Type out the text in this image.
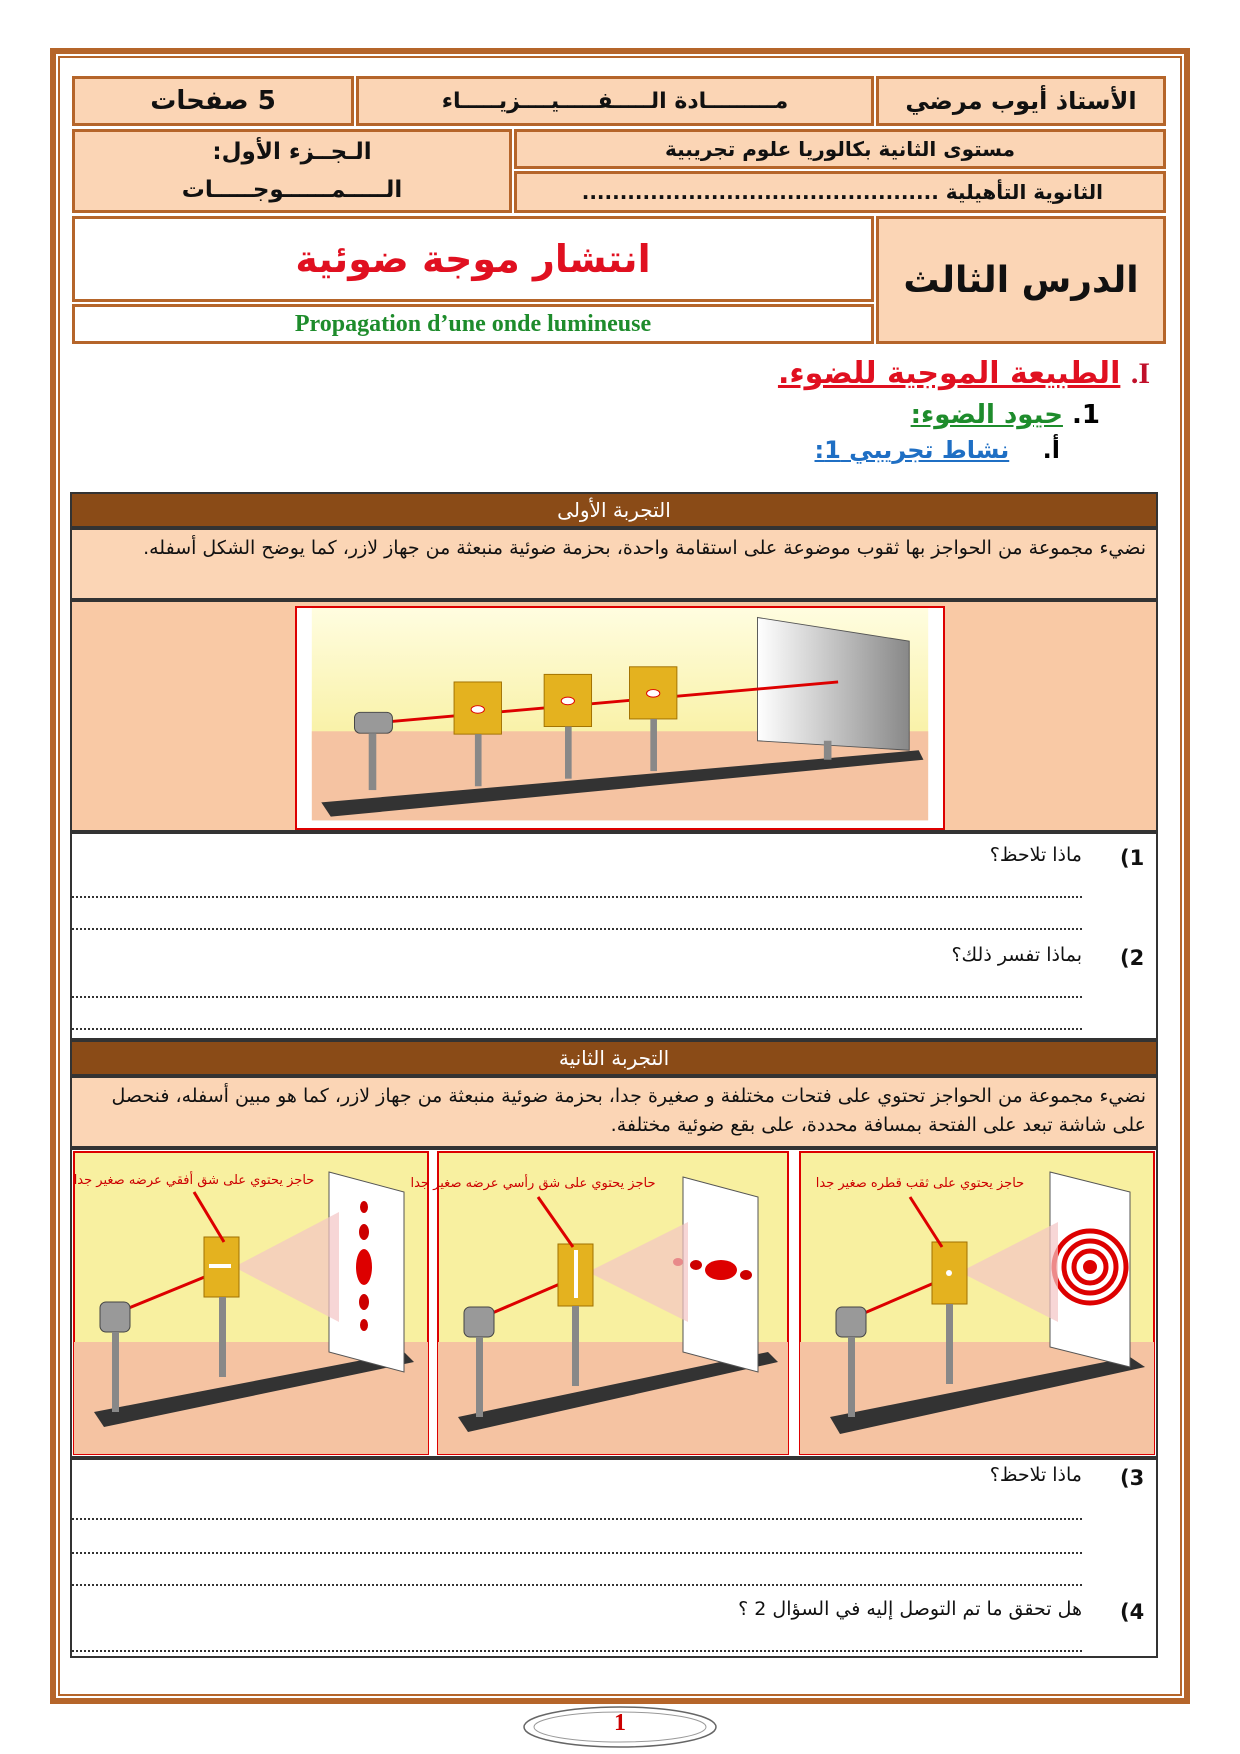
الأستاذ أيوب مرضي
مـــــــــادة الـــــفـــــيــــزيـــــاء
5 صفحات
مستوى الثانية بكالوريا علوم تجريبية
الثانوية التأهيلية ...............................................
الـجــزء الأول:
الـــــمــــــوجـــــات
الدرس الثالث
انتشار موجة ضوئية
Propagation d’une onde lumineuse
I. الطبيعة الموجية للضوء.
1. حيود الضوء:
أ.    نشاط تجريبي 1:
التجربة الأولى
نضيء مجموعة من الحواجز بها ثقوب موضوعة على استقامة واحدة، بحزمة ضوئية منبعثة من جهاز لازر، كما يوضح الشكل أسفله.
(1
ماذا تلاحظ؟
(2
بماذا تفسر ذلك؟
التجربة الثانية
نضيء مجموعة من الحواجز تحتوي على فتحات مختلفة و صغيرة جدا، بحزمة ضوئية منبعثة من جهاز لازر، كما هو مبين أسفله، فنحصل على شاشة تبعد على الفتحة بمسافة محددة، على بقع ضوئية مختلفة.
حاجز يحتوي على شق أفقي عرضه صغير جدا	حاجز يحتوي على شق رأسي عرضه صغير جدا	حاجز يحتوي على ثقب قطره صغير جدا
(3
ماذا تلاحظ؟
(4
هل تحقق ما تم التوصل إليه في السؤال 2 ؟
1
